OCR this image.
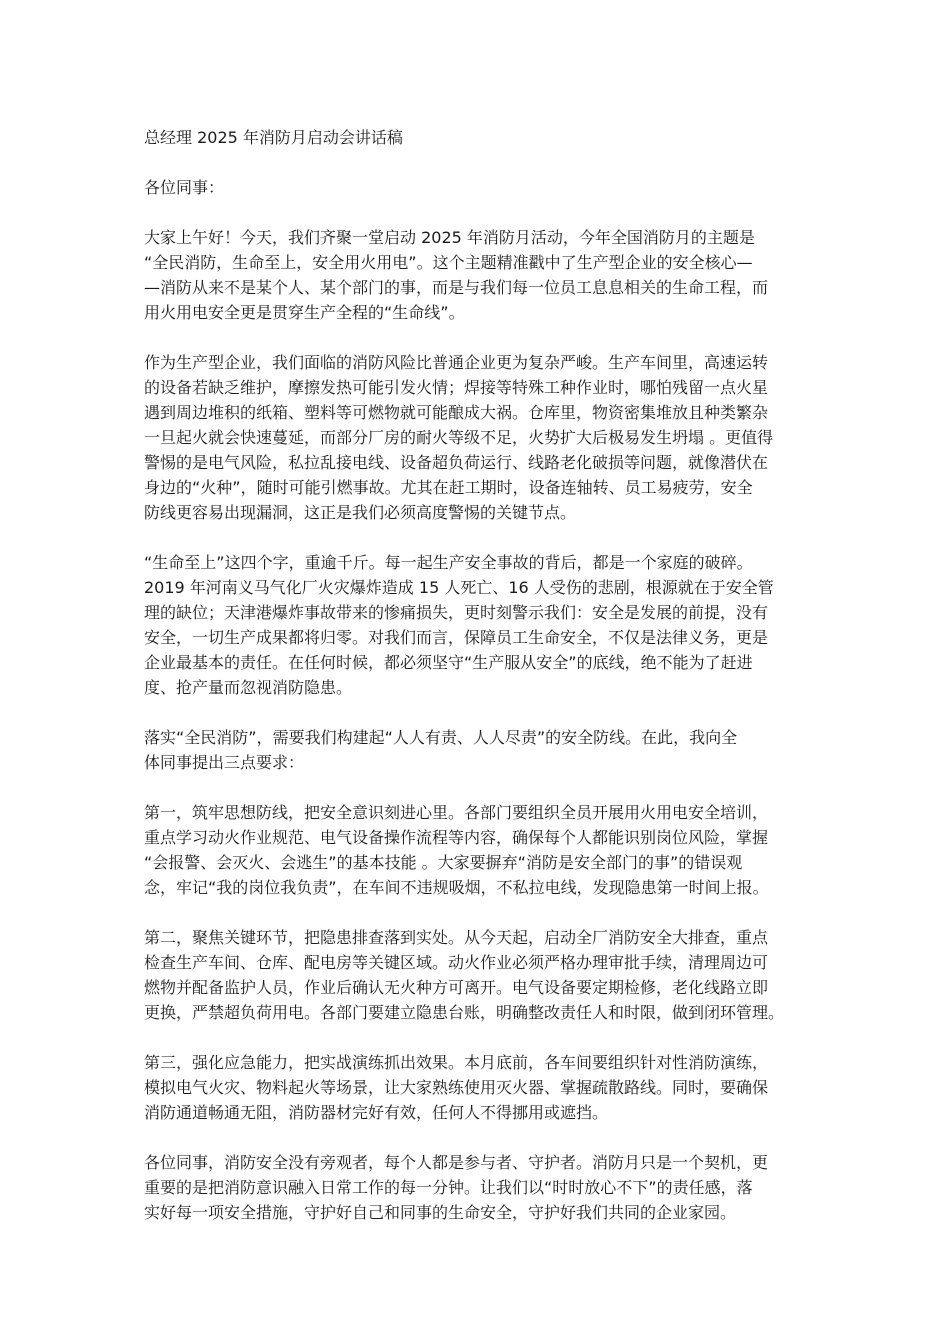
总经理 2025 年消防月启动会讲话稿
各位同事：
大家上午好！今天，我们齐聚一堂启动 2025 年消防月活动，今年全国消防月的主题是
“全民消防，生命至上，安全用火用电”。这个主题精准戳中了生产型企业的安全核心—
—消防从来不是某个人、某个部门的事，而是与我们每一位员工息息相关的生命工程，而
用火用电安全更是贯穿生产全程的“生命线”。
作为生产型企业，我们面临的消防风险比普通企业更为复杂严峻。生产车间里，高速运转
的设备若缺乏维护，摩擦发热可能引发火情；焊接等特殊工种作业时，哪怕残留一点火星
遇到周边堆积的纸箱、塑料等可燃物就可能酿成大祸。仓库里，物资密集堆放且种类繁杂
一旦起火就会快速蔓延，而部分厂房的耐火等级不足，火势扩大后极易发生坍塌 。更值得
警惕的是电气风险，私拉乱接电线、设备超负荷运行、线路老化破损等问题，就像潜伏在
身边的“火种”，随时可能引燃事故。尤其在赶工期时，设备连轴转、员工易疲劳，安全
防线更容易出现漏洞，这正是我们必须高度警惕的关键节点。
“生命至上”这四个字，重逾千斤。每一起生产安全事故的背后，都是一个家庭的破碎。
2019 年河南义马气化厂火灾爆炸造成 15 人死亡、16 人受伤的悲剧，根源就在于安全管
理的缺位；天津港爆炸事故带来的惨痛损失，更时刻警示我们：安全是发展的前提，没有
安全，一切生产成果都将归零。对我们而言，保障员工生命安全，不仅是法律义务，更是
企业最基本的责任。在任何时候，都必须坚守“生产服从安全”的底线，绝不能为了赶进
度、抢产量而忽视消防隐患。
落实“全民消防”，需要我们构建起“人人有责、人人尽责”的安全防线。在此，我向全
体同事提出三点要求：
第一，筑牢思想防线，把安全意识刻进心里。各部门要组织全员开展用火用电安全培训，
重点学习动火作业规范、电气设备操作流程等内容，确保每个人都能识别岗位风险，掌握
“会报警、会灭火、会逃生”的基本技能 。大家要摒弃“消防是安全部门的事”的错误观
念，牢记“我的岗位我负责”，在车间不违规吸烟，不私拉电线，发现隐患第一时间上报。
第二，聚焦关键环节，把隐患排查落到实处。从今天起，启动全厂消防安全大排查，重点
检查生产车间、仓库、配电房等关键区域。动火作业必须严格办理审批手续，清理周边可
燃物并配备监护人员，作业后确认无火种方可离开。电气设备要定期检修，老化线路立即
更换，严禁超负荷用电。各部门要建立隐患台账，明确整改责任人和时限，做到闭环管理。
第三，强化应急能力，把实战演练抓出效果。本月底前，各车间要组织针对性消防演练，
模拟电气火灾、物料起火等场景，让大家熟练使用灭火器、掌握疏散路线。同时，要确保
消防通道畅通无阻，消防器材完好有效，任何人不得挪用或遮挡。
各位同事，消防安全没有旁观者，每个人都是参与者、守护者。消防月只是一个契机，更
重要的是把消防意识融入日常工作的每一分钟。让我们以“时时放心不下”的责任感，落
实好每一项安全措施，守护好自己和同事的生命安全，守护好我们共同的企业家园。
